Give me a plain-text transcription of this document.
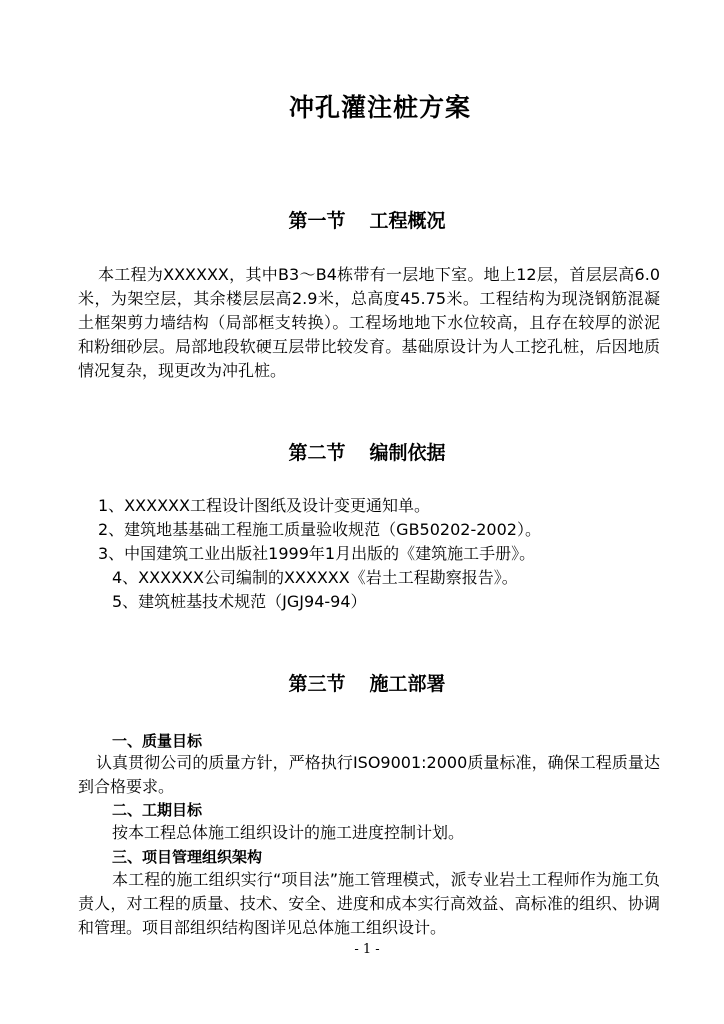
冲孔灌注桩方案
第一节 工程概况
本工程为XXXXXX，其中B3～B4栋带有一层地下室。地上12层，首层层高6.0米，为架空层，其余楼层层高2.9米，总高度45.75米。工程结构为现浇钢筋混凝土框架剪力墙结构（局部框支转换）。工程场地地下水位较高，且存在较厚的淤泥和粉细砂层。局部地段软硬互层带比较发育。基础原设计为人工挖孔桩，后因地质情况复杂，现更改为冲孔桩。
第二节 编制依据
1、XXXXXX工程设计图纸及设计变更通知单。
2、建筑地基基础工程施工质量验收规范（GB50202-2002）。
3、中国建筑工业出版社1999年1月出版的《建筑施工手册》。
4、XXXXXX公司编制的XXXXXX《岩土工程勘察报告》。
5、建筑桩基技术规范（JGJ94-94）
第三节 施工部署
一、质量目标
认真贯彻公司的质量方针，严格执行ISO9001:2000质量标准，确保工程质量达到合格要求。
二、工期目标
按本工程总体施工组织设计的施工进度控制计划。
三、项目管理组织架构
本工程的施工组织实行“项目法”施工管理模式，派专业岩土工程师作为施工负责人，对工程的质量、技术、安全、进度和成本实行高效益、高标准的组织、协调和管理。项目部组织结构图详见总体施工组织设计。
- 1 -
